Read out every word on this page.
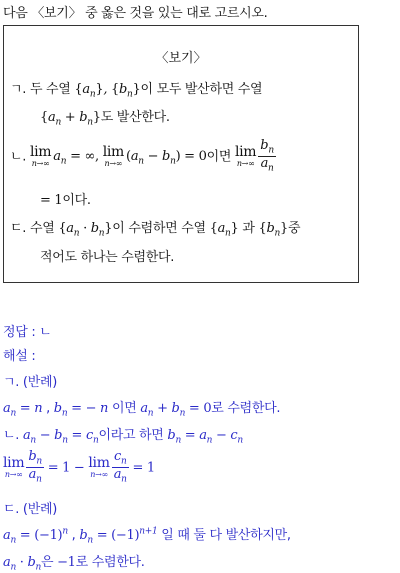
다음 〈보기〉 중 옳은 것을 있는 대로 고르시오.
〈보기〉
ㄱ. 두 수열 $\{a_n\}$, $\{b_n\}$이 모두 발산하면 수열
$\{a_n + b_n\}$도 발산한다.
ㄴ. lim
n→∞ $a_n$ = ∞, lim
n→∞ $(a_n - b_n) = 0$이면 lim
$n\to\infty \frac{b_n}{a_n}$
= 1이다.
ㄷ. 수열 $\{a_n \cdot b_n\}$이 수렴하면 수열 $\{a_n\}$ 과 $\{b_n\}$중
적어도 하나는 수렴한다.
정답 : ㄴ
해설 :
ㄱ. (반례)
$a_n = n$ , $b_n$ = − n 이면 $a_n + b_n = 0$로 수렴한다.
ㄴ. $a_n - b_n = c_n$이라고 하면 $b_n = a_n - c_n$
lim
$n\to\infty \frac{b_n}{a_n} = 1 - \lim$
$n\to\infty \frac{c_n}{a_n} = 1$
ㄷ. (반례)
$a_n = (-1)^n$ , $b_n = (-1)^{n+1}$ 일 때 둘 다 발산하지만,
$a_n \cdot b_n$은 −1로 수렴한다.
